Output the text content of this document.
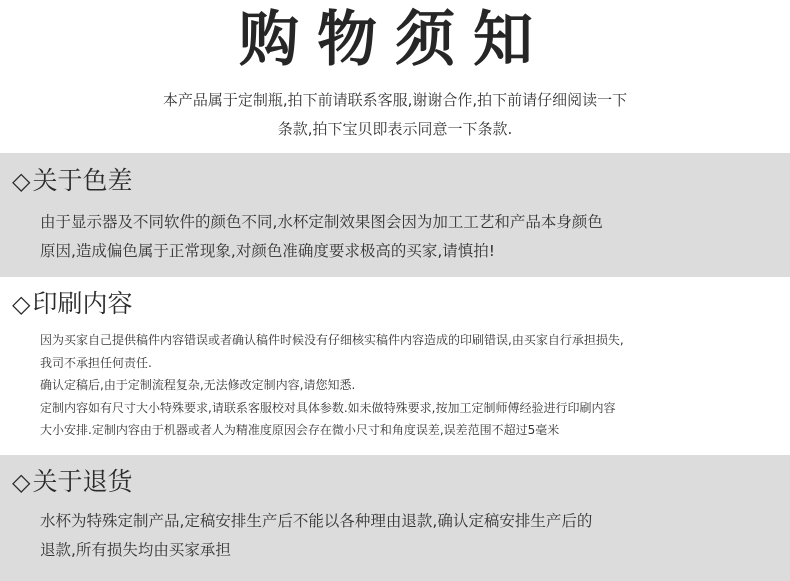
购物须知
本产品属于定制瓶,拍下前请联系客服,谢谢合作,拍下前请仔细阅读一下
条款,拍下宝贝即表示同意一下条款.
◇关于色差
由于显示器及不同软件的颜色不同,水杯定制效果图会因为加工工艺和产品本身颜色
原因,造成偏色属于正常现象,对颜色准确度要求极高的买家,请慎拍!
◇印刷内容
因为买家自己提供稿件内容错误或者确认稿件时候没有仔细核实稿件内容造成的印刷错误,由买家自行承担损失,
我司不承担任何责任.
确认定稿后,由于定制流程复杂,无法修改定制内容,请您知悉.
定制内容如有尺寸大小特殊要求,请联系客服校对具体参数.如未做特殊要求,按加工定制师傅经验进行印刷内容
大小安排.定制内容由于机器或者人为精准度原因会存在微小尺寸和角度误差,误差范围不超过5毫米
◇关于退货
水杯为特殊定制产品,定稿安排生产后不能以各种理由退款,确认定稿安排生产后的
退款,所有损失均由买家承担
